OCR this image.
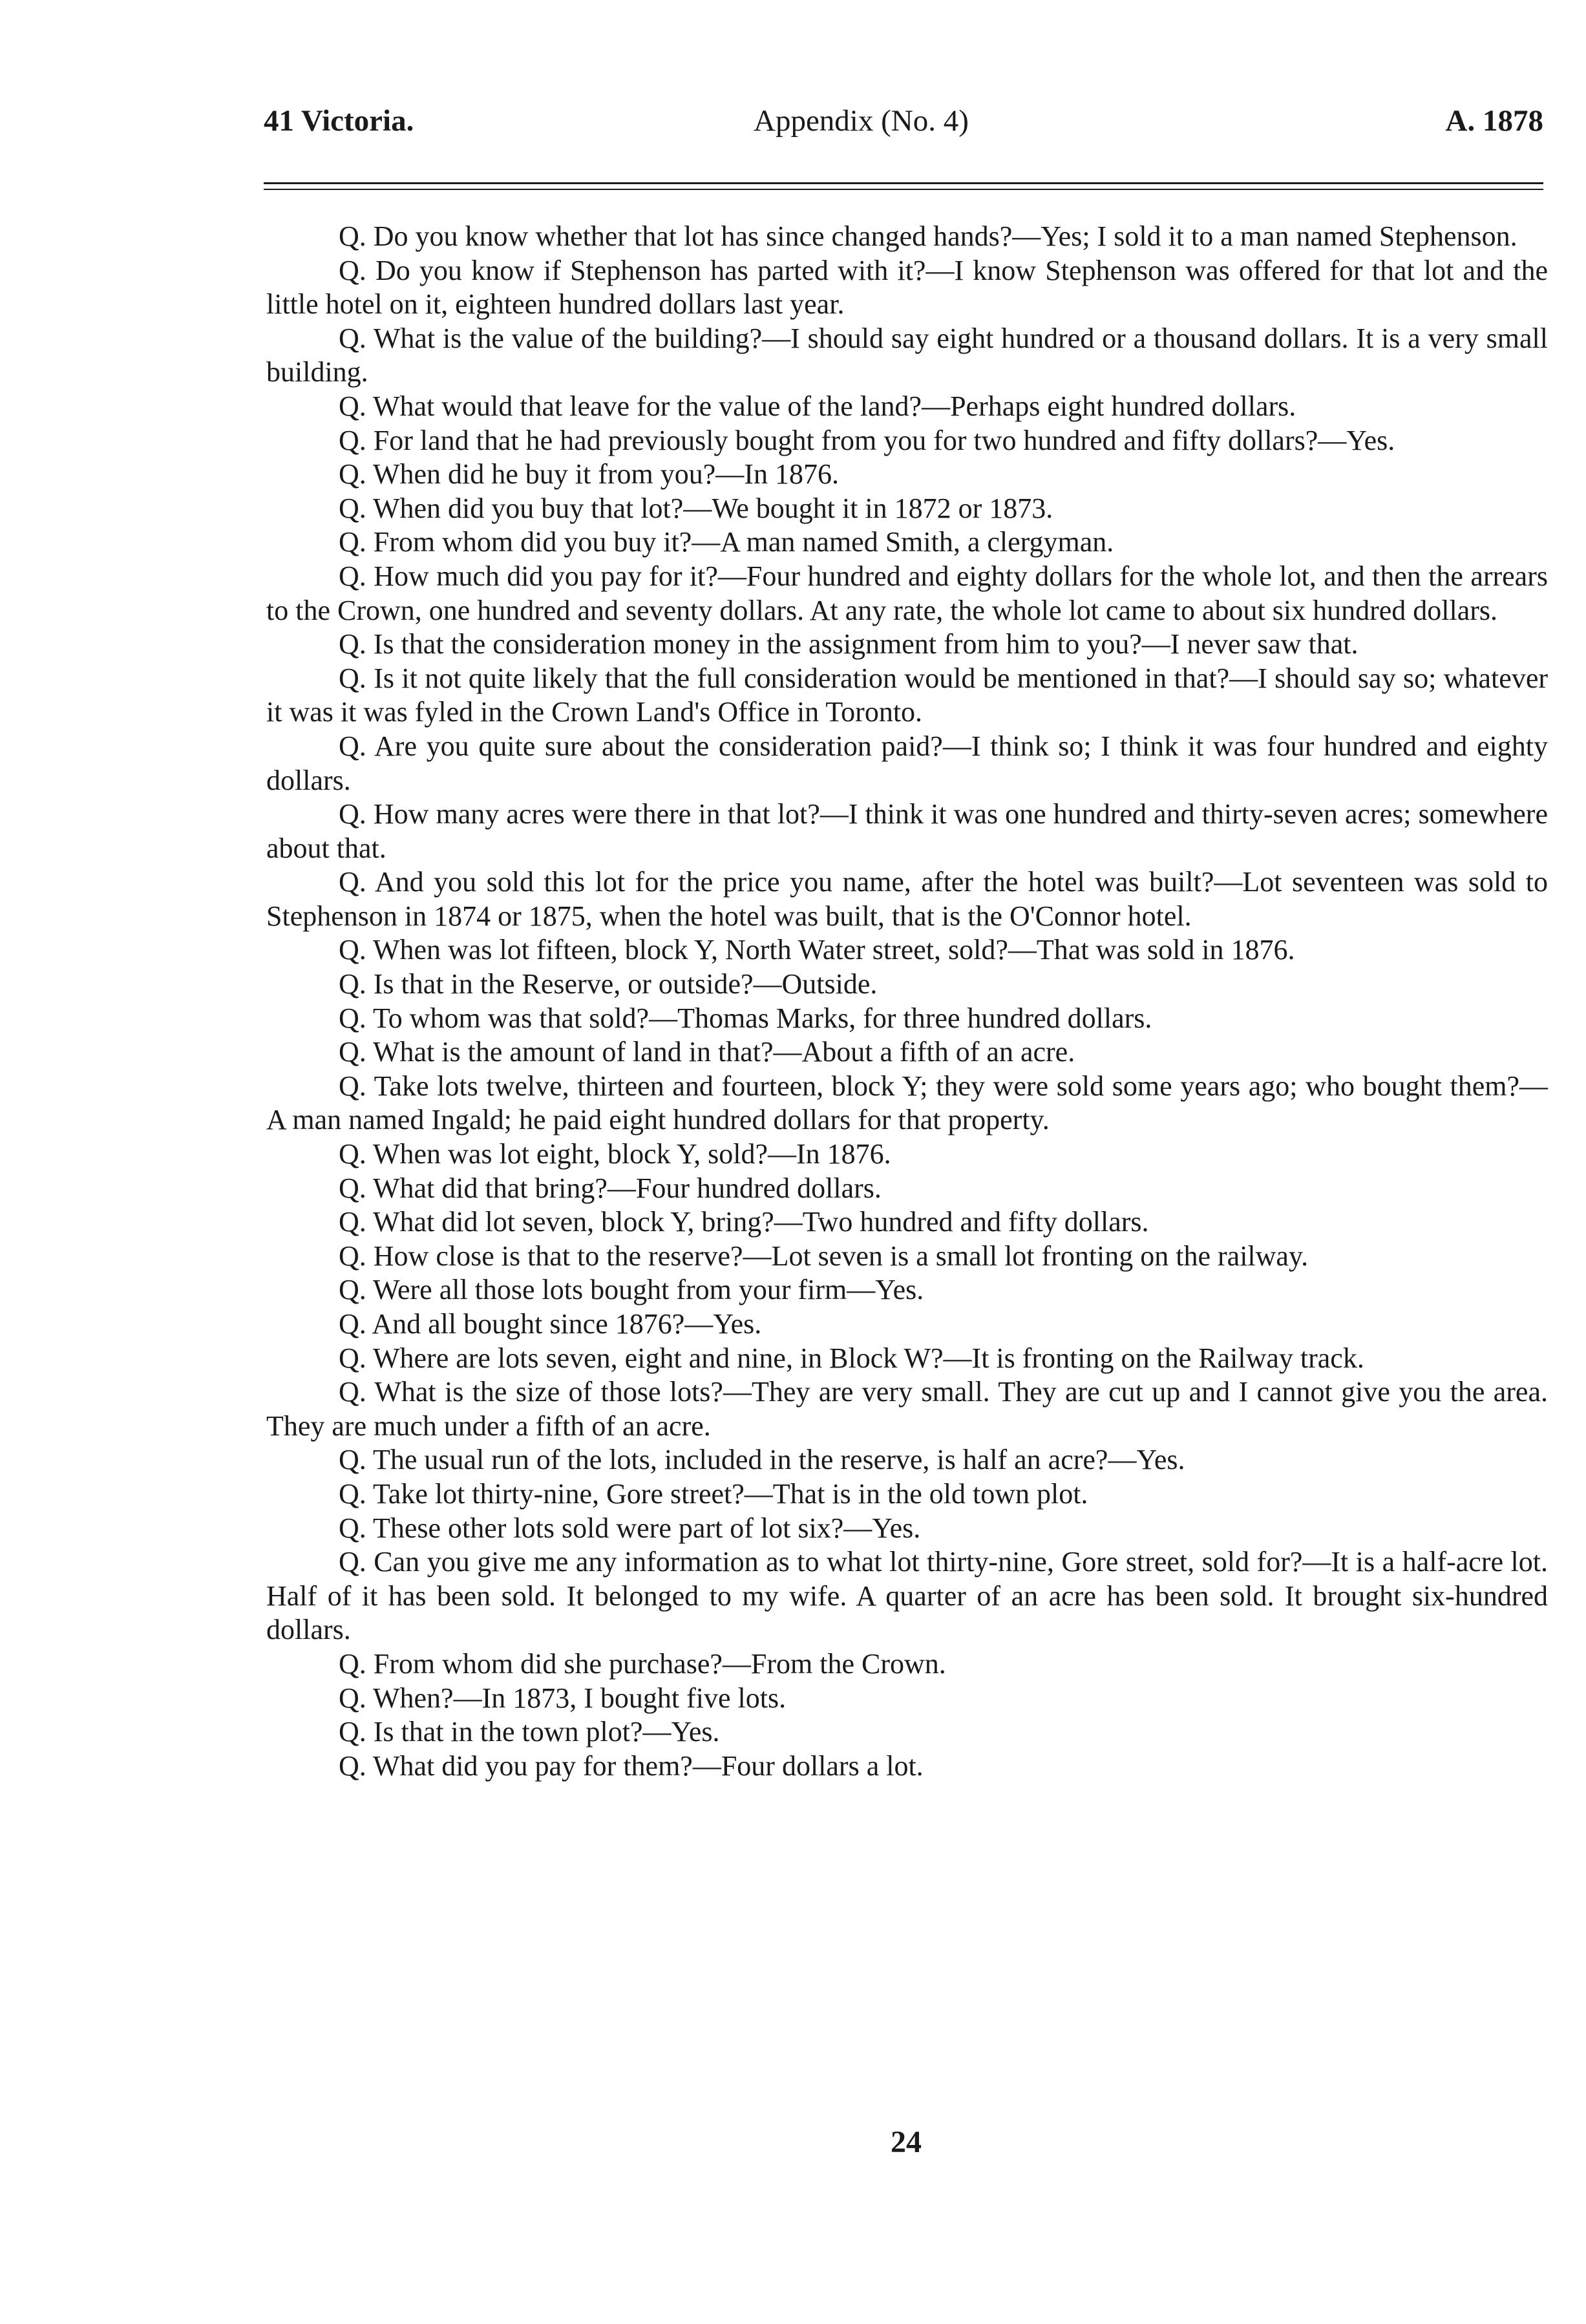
41 Victoria.	Appendix (No. 4)	A. 1878

Q. Do you know whether that lot has since changed hands?—Yes; I sold it to a man named Stephenson.

Q. Do you know if Stephenson has parted with it?—I know Stephenson was offered for that lot and the little hotel on it, eighteen hundred dollars last year.

Q. What is the value of the building?—I should say eight hundred or a thousand dollars. It is a very small building.

Q. What would that leave for the value of the land?—Perhaps eight hundred dollars.

Q. For land that he had previously bought from you for two hundred and fifty dollars?—Yes.

Q. When did he buy it from you?—In 1876.

Q. When did you buy that lot?—We bought it in 1872 or 1873.

Q. From whom did you buy it?—A man named Smith, a clergyman.

Q. How much did you pay for it?—Four hundred and eighty dollars for the whole lot, and then the arrears to the Crown, one hundred and seventy dollars. At any rate, the whole lot came to about six hundred dollars.

Q. Is that the consideration money in the assignment from him to you?—I never saw that.

Q. Is it not quite likely that the full consideration would be mentioned in that?—I should say so; whatever it was it was fyled in the Crown Land's Office in Toronto.

Q. Are you quite sure about the consideration paid?—I think so; I think it was four hundred and eighty dollars.

Q. How many acres were there in that lot?—I think it was one hundred and thirty-seven acres; somewhere about that.

Q. And you sold this lot for the price you name, after the hotel was built?—Lot seventeen was sold to Stephenson in 1874 or 1875, when the hotel was built, that is the O'Connor hotel.

Q. When was lot fifteen, block Y, North Water street, sold?—That was sold in 1876.

Q. Is that in the Reserve, or outside?—Outside.

Q. To whom was that sold?—Thomas Marks, for three hundred dollars.

Q. What is the amount of land in that?—About a fifth of an acre.

Q. Take lots twelve, thirteen and fourteen, block Y; they were sold some years ago; who bought them?—A man named Ingald; he paid eight hundred dollars for that property.

Q. When was lot eight, block Y, sold?—In 1876.

Q. What did that bring?—Four hundred dollars.

Q. What did lot seven, block Y, bring?—Two hundred and fifty dollars.

Q. How close is that to the reserve?—Lot seven is a small lot fronting on the railway.

Q. Were all those lots bought from your firm—Yes.

Q. And all bought since 1876?—Yes.

Q. Where are lots seven, eight and nine, in Block W?—It is fronting on the Railway track.

Q. What is the size of those lots?—They are very small. They are cut up and I cannot give you the area. They are much under a fifth of an acre.

Q. The usual run of the lots, included in the reserve, is half an acre?—Yes.

Q. Take lot thirty-nine, Gore street?—That is in the old town plot.

Q. These other lots sold were part of lot six?—Yes.

Q. Can you give me any information as to what lot thirty-nine, Gore street, sold for?—It is a half-acre lot. Half of it has been sold. It belonged to my wife. A quarter of an acre has been sold. It brought six-hundred dollars.

Q. From whom did she purchase?—From the Crown.

Q. When?—In 1873, I bought five lots.

Q. Is that in the town plot?—Yes.

Q. What did you pay for them?—Four dollars a lot.

24
